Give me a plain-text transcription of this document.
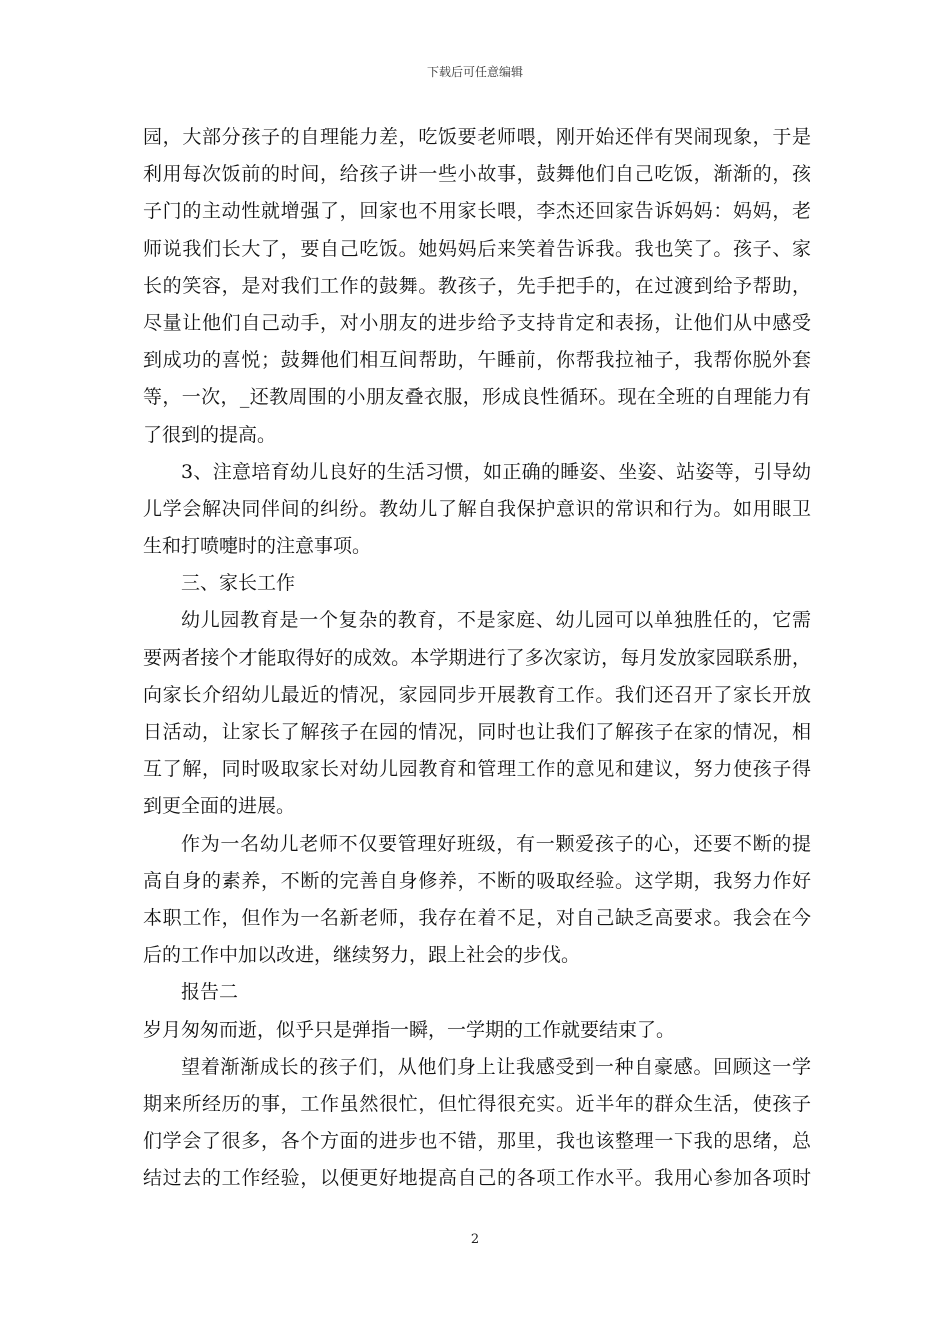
下载后可任意编辑
园，大部分孩子的自理能力差，吃饭要老师喂，刚开始还伴有哭闹现象，于是
利用每次饭前的时间，给孩子讲一些小故事，鼓舞他们自己吃饭，渐渐的，孩
子门的主动性就增强了，回家也不用家长喂，李杰还回家告诉妈妈：妈妈，老
师说我们长大了，要自己吃饭。她妈妈后来笑着告诉我。我也笑了。孩子、家
长的笑容，是对我们工作的鼓舞。教孩子，先手把手的，在过渡到给予帮助，
尽量让他们自己动手，对小朋友的进步给予支持肯定和表扬，让他们从中感受
到成功的喜悦；鼓舞他们相互间帮助，午睡前，你帮我拉袖子，我帮你脱外套
等，一次，_还教周围的小朋友叠衣服，形成良性循环。现在全班的自理能力有
了很到的提高。
3、注意培育幼儿良好的生活习惯，如正确的睡姿、坐姿、站姿等，引导幼
儿学会解决同伴间的纠纷。教幼儿了解自我保护意识的常识和行为。如用眼卫
生和打喷嚏时的注意事项。
三、家长工作
幼儿园教育是一个复杂的教育，不是家庭、幼儿园可以单独胜任的，它需
要两者接个才能取得好的成效。本学期进行了多次家访，每月发放家园联系册，
向家长介绍幼儿最近的情况，家园同步开展教育工作。我们还召开了家长开放
日活动，让家长了解孩子在园的情况，同时也让我们了解孩子在家的情况，相
互了解，同时吸取家长对幼儿园教育和管理工作的意见和建议，努力使孩子得
到更全面的进展。
作为一名幼儿老师不仅要管理好班级，有一颗爱孩子的心，还要不断的提
高自身的素养，不断的完善自身修养，不断的吸取经验。这学期，我努力作好
本职工作，但作为一名新老师，我存在着不足，对自己缺乏高要求。我会在今
后的工作中加以改进，继续努力，跟上社会的步伐。
报告二
岁月匆匆而逝，似乎只是弹指一瞬，一学期的工作就要结束了。
望着渐渐成长的孩子们，从他们身上让我感受到一种自豪感。回顾这一学
期来所经历的事，工作虽然很忙，但忙得很充实。近半年的群众生活，使孩子
们学会了很多，各个方面的进步也不错，那里，我也该整理一下我的思绪，总
结过去的工作经验，以便更好地提高自己的各项工作水平。我用心参加各项时
2
